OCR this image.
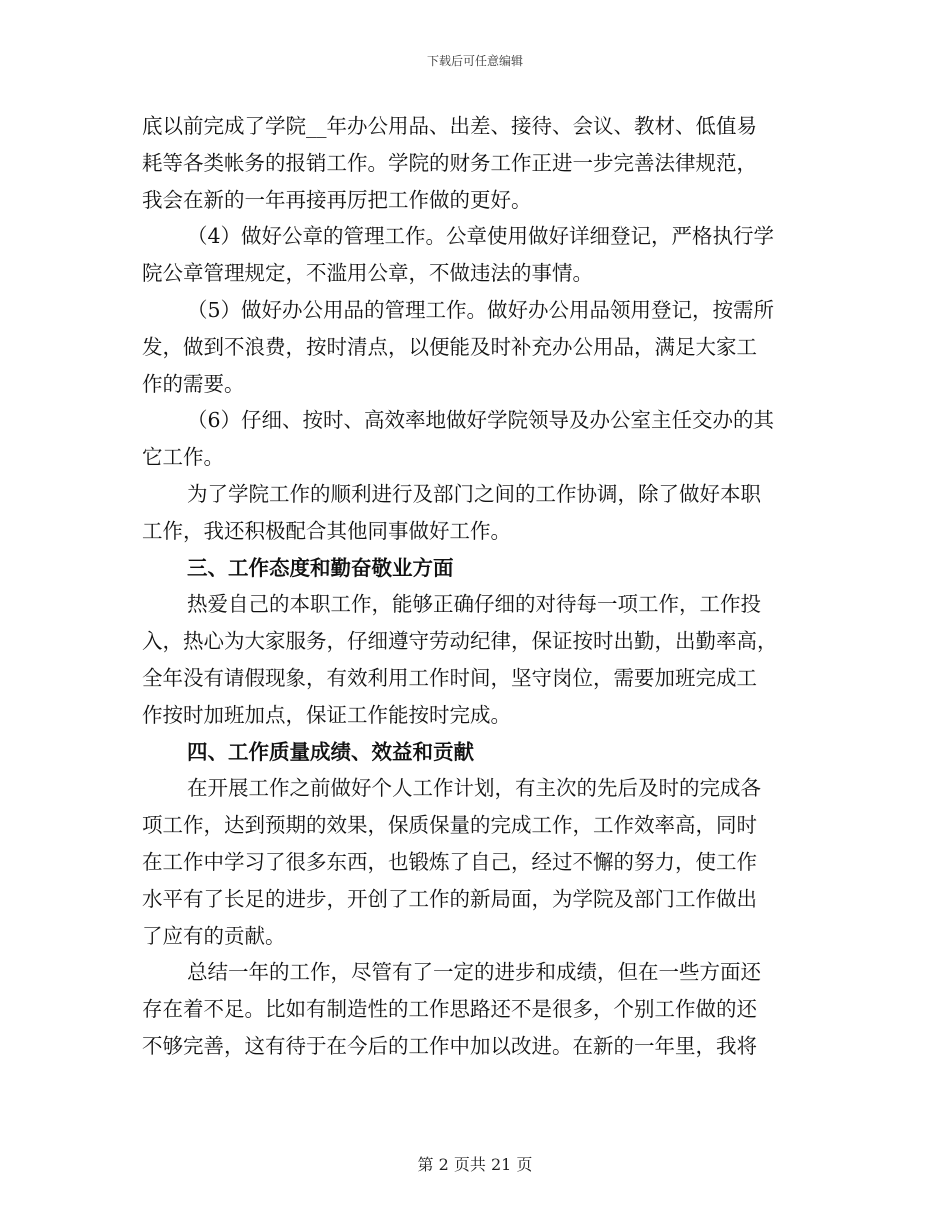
下载后可任意编辑
底以前完成了学院__年办公用品、出差、接待、会议、教材、低值易
耗等各类帐务的报销工作。学院的财务工作正进一步完善法律规范，
我会在新的一年再接再厉把工作做的更好。
（4）做好公章的管理工作。公章使用做好详细登记，严格执行学
院公章管理规定，不滥用公章，不做违法的事情。
（5）做好办公用品的管理工作。做好办公用品领用登记，按需所
发，做到不浪费，按时清点，以便能及时补充办公用品，满足大家工
作的需要。
（6）仔细、按时、高效率地做好学院领导及办公室主任交办的其
它工作。
为了学院工作的顺利进行及部门之间的工作协调，除了做好本职
工作，我还积极配合其他同事做好工作。
三、工作态度和勤奋敬业方面
热爱自己的本职工作，能够正确仔细的对待每一项工作，工作投
入，热心为大家服务，仔细遵守劳动纪律，保证按时出勤，出勤率高，
全年没有请假现象，有效利用工作时间，坚守岗位，需要加班完成工
作按时加班加点，保证工作能按时完成。
四、工作质量成绩、效益和贡献
在开展工作之前做好个人工作计划，有主次的先后及时的完成各
项工作，达到预期的效果，保质保量的完成工作，工作效率高，同时
在工作中学习了很多东西，也锻炼了自己，经过不懈的努力，使工作
水平有了长足的进步，开创了工作的新局面，为学院及部门工作做出
了应有的贡献。
总结一年的工作，尽管有了一定的进步和成绩，但在一些方面还
存在着不足。比如有制造性的工作思路还不是很多，个别工作做的还
不够完善，这有待于在今后的工作中加以改进。在新的一年里，我将
第 2 页共 21 页
